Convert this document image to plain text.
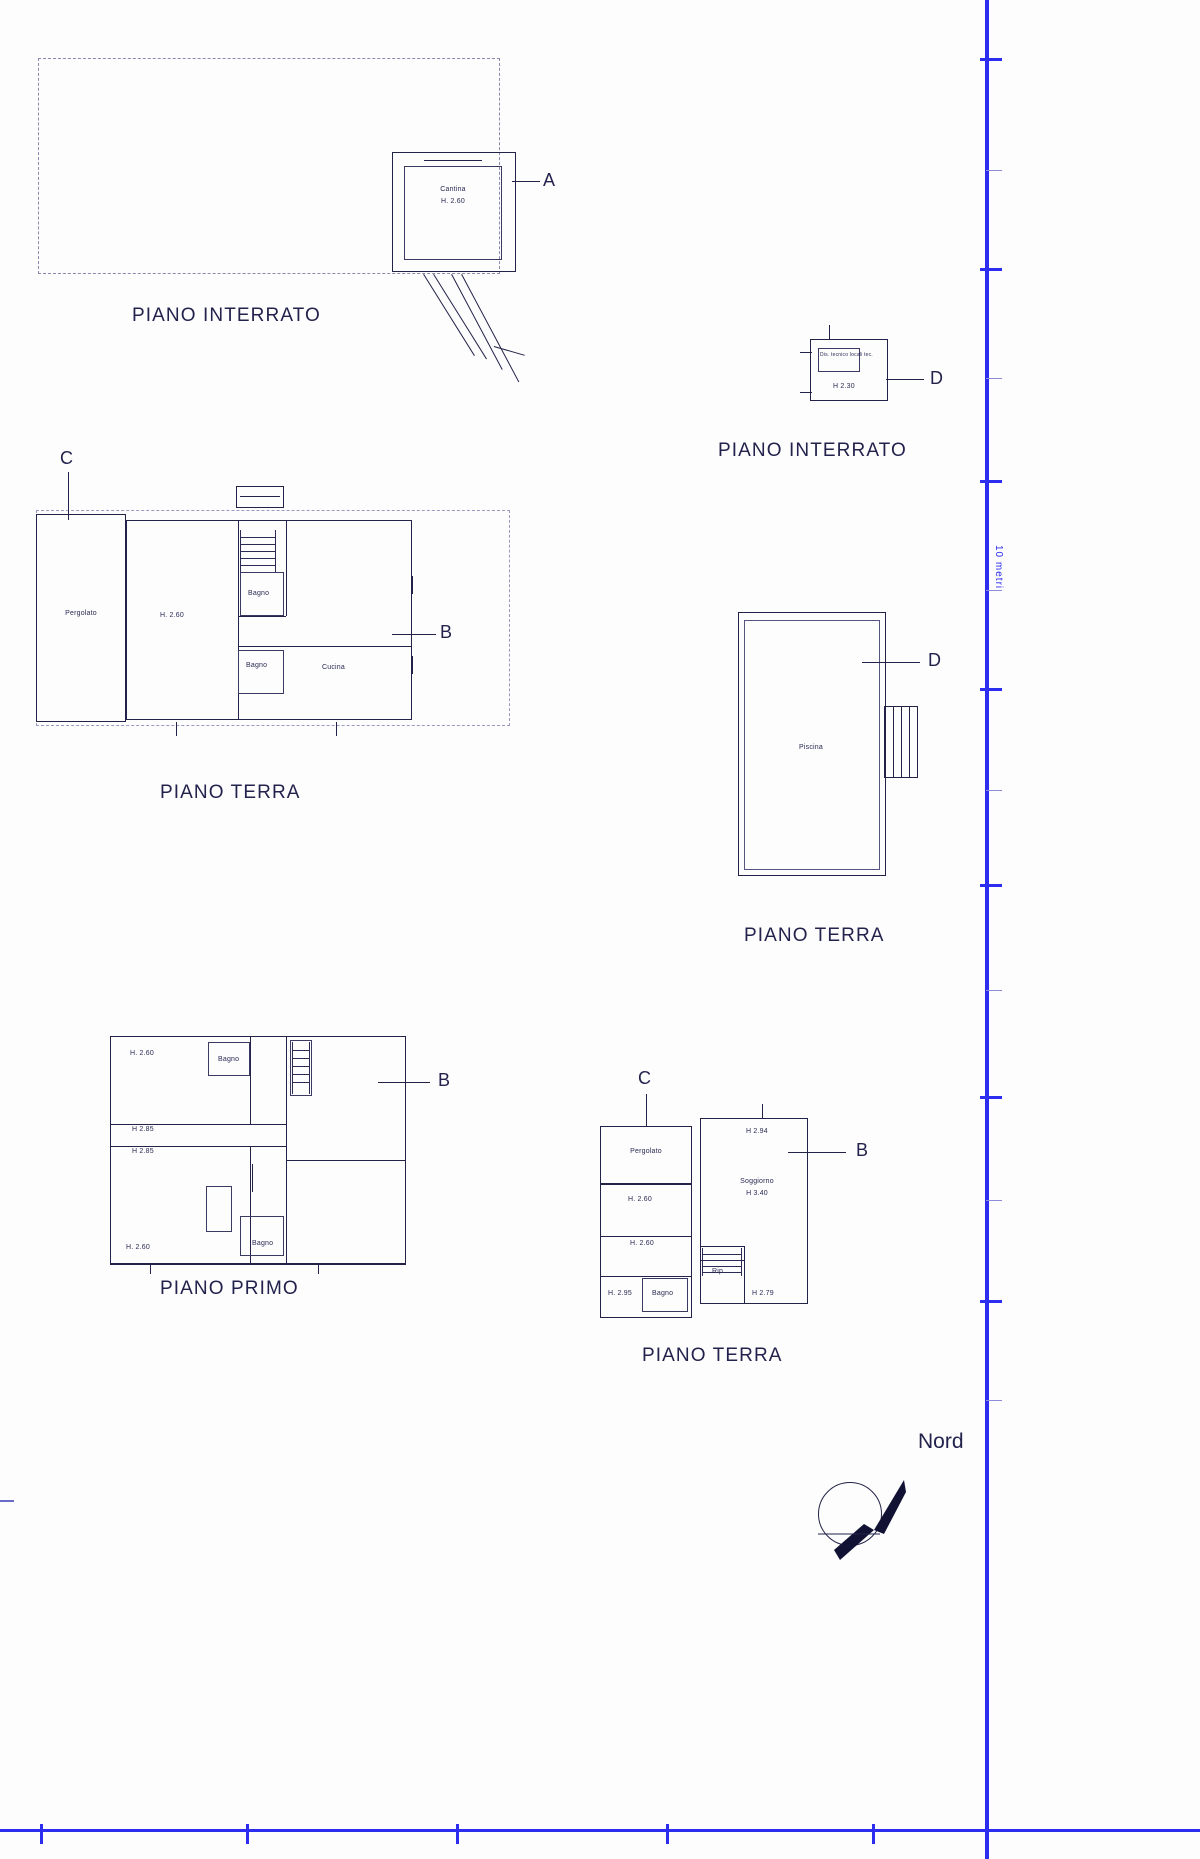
Cantina
H. 2.60
A
PIANO INTERRATO
Dis. tecnico locali tec.
H 2.30	D
PIANO INTERRATO
Pergolato	H. 2.60
Bagno
Bagno	Cucina
C
B
PIANO TERRA
Piscina
D
PIANO TERRA
H. 2.60
Bagno
H 2.85
H 2.85
H. 2.60
Bagno
B
PIANO PRIMO
Pergolato
H. 2.60
H. 2.60
H. 2.95	Bagno
H 2.94
Soggiorno
H 3.40
Rip.
H 2.79
C
B
PIANO TERRA
10 metri
Nord
